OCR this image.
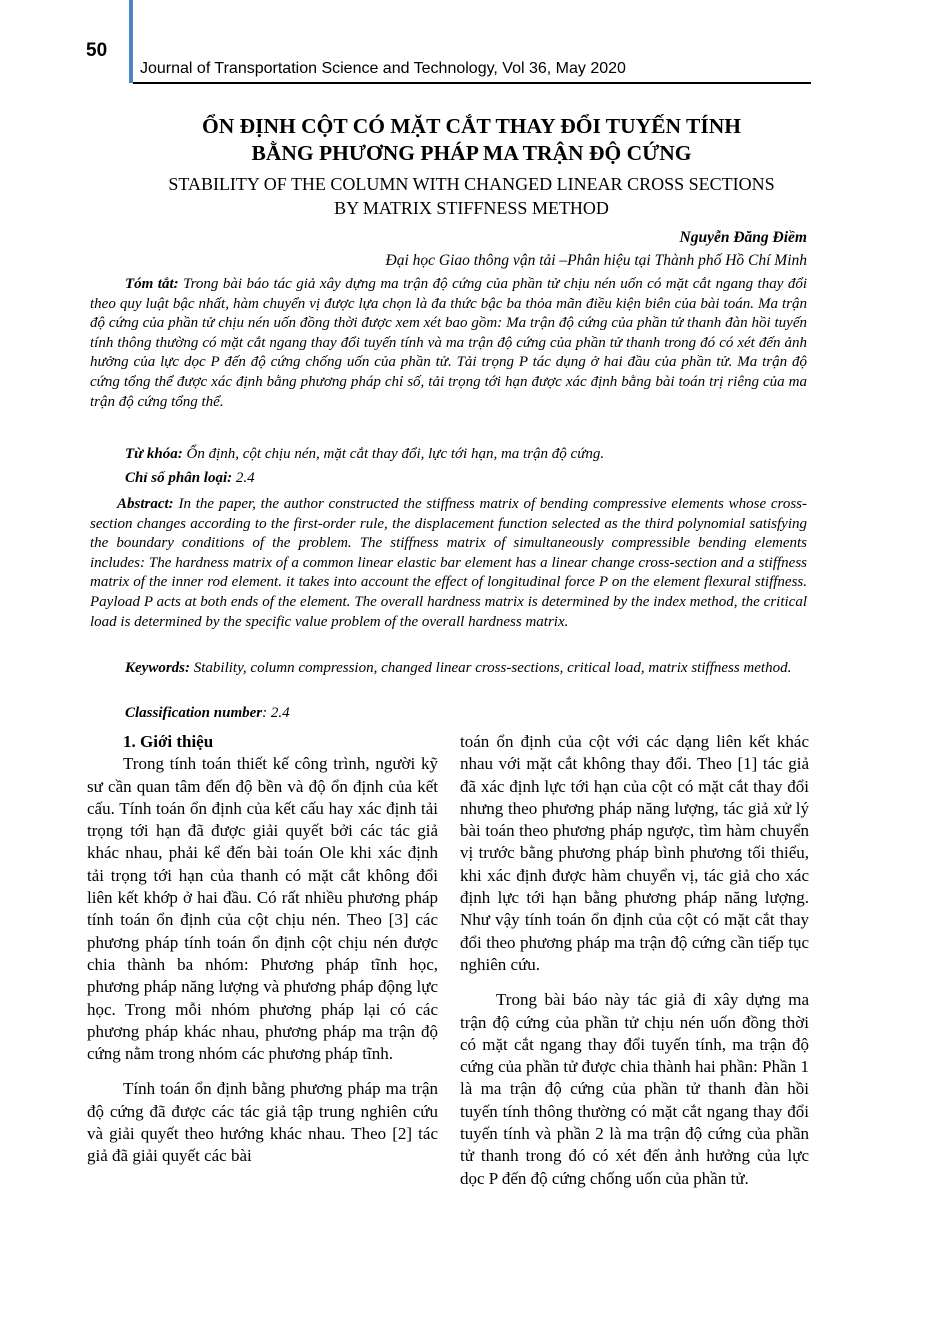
50
Journal of Transportation Science and Technology, Vol 36, May 2020
ỔN ĐỊNH CỘT CÓ MẶT CẮT THAY ĐỔI TUYẾN TÍNH
BẰNG PHƯƠNG PHÁP MA TRẬN ĐỘ CỨNG
STABILITY OF THE COLUMN WITH CHANGED LINEAR CROSS SECTIONS
BY MATRIX STIFFNESS METHOD
Nguyễn Đăng Điềm
Đại học Giao thông vận tải –Phân hiệu tại Thành phố Hồ Chí Minh

Tóm tắt: Trong bài báo tác giả xây dựng ma trận độ cứng của phần tử chịu nén uốn có mặt cắt ngang thay đổi theo quy luật bậc nhất, hàm chuyển vị được lựa chọn là đa thức bậc ba thỏa mãn điều kiện biên của bài toán. Ma trận độ cứng của phần tử chịu nén uốn đồng thời được xem xét bao gồm: Ma trận độ cứng của phần tử thanh đàn hồi tuyến tính thông thường có mặt cắt ngang thay đổi tuyến tính và ma trận độ cứng của phần tử thanh trong đó có xét đến ảnh hưởng của lực dọc P đến độ cứng chống uốn của phần tử. Tải trọng P tác dụng ở hai đầu của phần tử. Ma trận độ cứng tổng thể được xác định bằng phương pháp chỉ số, tải trọng tới hạn được xác định bằng bài toán trị riêng của ma trận độ cứng tổng thể.

Từ khóa: Ổn định, cột chịu nén, mặt cắt thay đổi, lực tới hạn, ma trận độ cứng.

Chỉ số phân loại: 2.4

Abstract: In the paper, the author constructed the stiffness matrix of bending compressive elements whose cross-section changes according to the first-order rule, the displacement function selected as the third polynomial satisfying the boundary conditions of the problem. The stiffness matrix of simultaneously compressible bending elements includes: The hardness matrix of a common linear elastic bar element has a linear change cross-section and a stiffness matrix of the inner rod element. it takes into account the effect of longitudinal force P on the element flexural stiffness. Payload P acts at both ends of the element. The overall hardness matrix is determined by the index method, the critical load is determined by the specific value problem of the overall hardness matrix.

Keywords: Stability, column compression, changed linear cross-sections, critical load, matrix stiffness method.

Classification number: 2.4

1. Giới thiệu

Trong tính toán thiết kế công trình, người kỹ sư cần quan tâm đến độ bền và độ ổn định của kết cấu. Tính toán ổn định của kết cấu hay xác định tải trọng tới hạn đã được giải quyết bởi các tác giả khác nhau, phải kể đến bài toán Ole khi xác định tải trọng tới hạn của thanh có mặt cắt không đổi liên kết khớp ở hai đầu. Có rất nhiều phương pháp tính toán ổn định của cột chịu nén. Theo [3] các phương pháp tính toán ổn định cột chịu nén được chia thành ba nhóm: Phương pháp tĩnh học, phương pháp năng lượng và phương pháp động lực học. Trong mỗi nhóm phương pháp lại có các phương pháp khác nhau, phương pháp ma trận độ cứng nằm trong nhóm các phương pháp tĩnh.

Tính toán ổn định bằng phương pháp ma trận độ cứng đã được các tác giả tập trung nghiên cứu và giải quyết theo hướng khác nhau. Theo [2] tác giả đã giải quyết các bài

toán ổn định của cột với các dạng liên kết khác nhau với mặt cắt không thay đổi. Theo [1] tác giả đã xác định lực tới hạn của cột có mặt cắt thay đổi nhưng theo phương pháp năng lượng, tác giả xử lý bài toán theo phương pháp ngược, tìm hàm chuyển vị trước bằng phương pháp bình phương tối thiểu, khi xác định được hàm chuyển vị, tác giả cho xác định lực tới hạn bằng phương pháp năng lượng. Như vậy tính toán ổn định của cột có mặt cắt thay đổi theo phương pháp ma trận độ cứng cần tiếp tục nghiên cứu.

Trong bài báo này tác giả đi xây dựng ma trận độ cứng của phần tử chịu nén uốn đồng thời có mặt cắt ngang thay đổi tuyến tính, ma trận độ cứng của phần tử được chia thành hai phần: Phần 1 là ma trận độ cứng của phần tử thanh đàn hồi tuyến tính thông thường có mặt cắt ngang thay đổi tuyến tính và phần 2 là ma trận độ cứng của phần tử thanh trong đó có xét đến ảnh hưởng của lực dọc P đến độ cứng chống uốn của phần tử.
